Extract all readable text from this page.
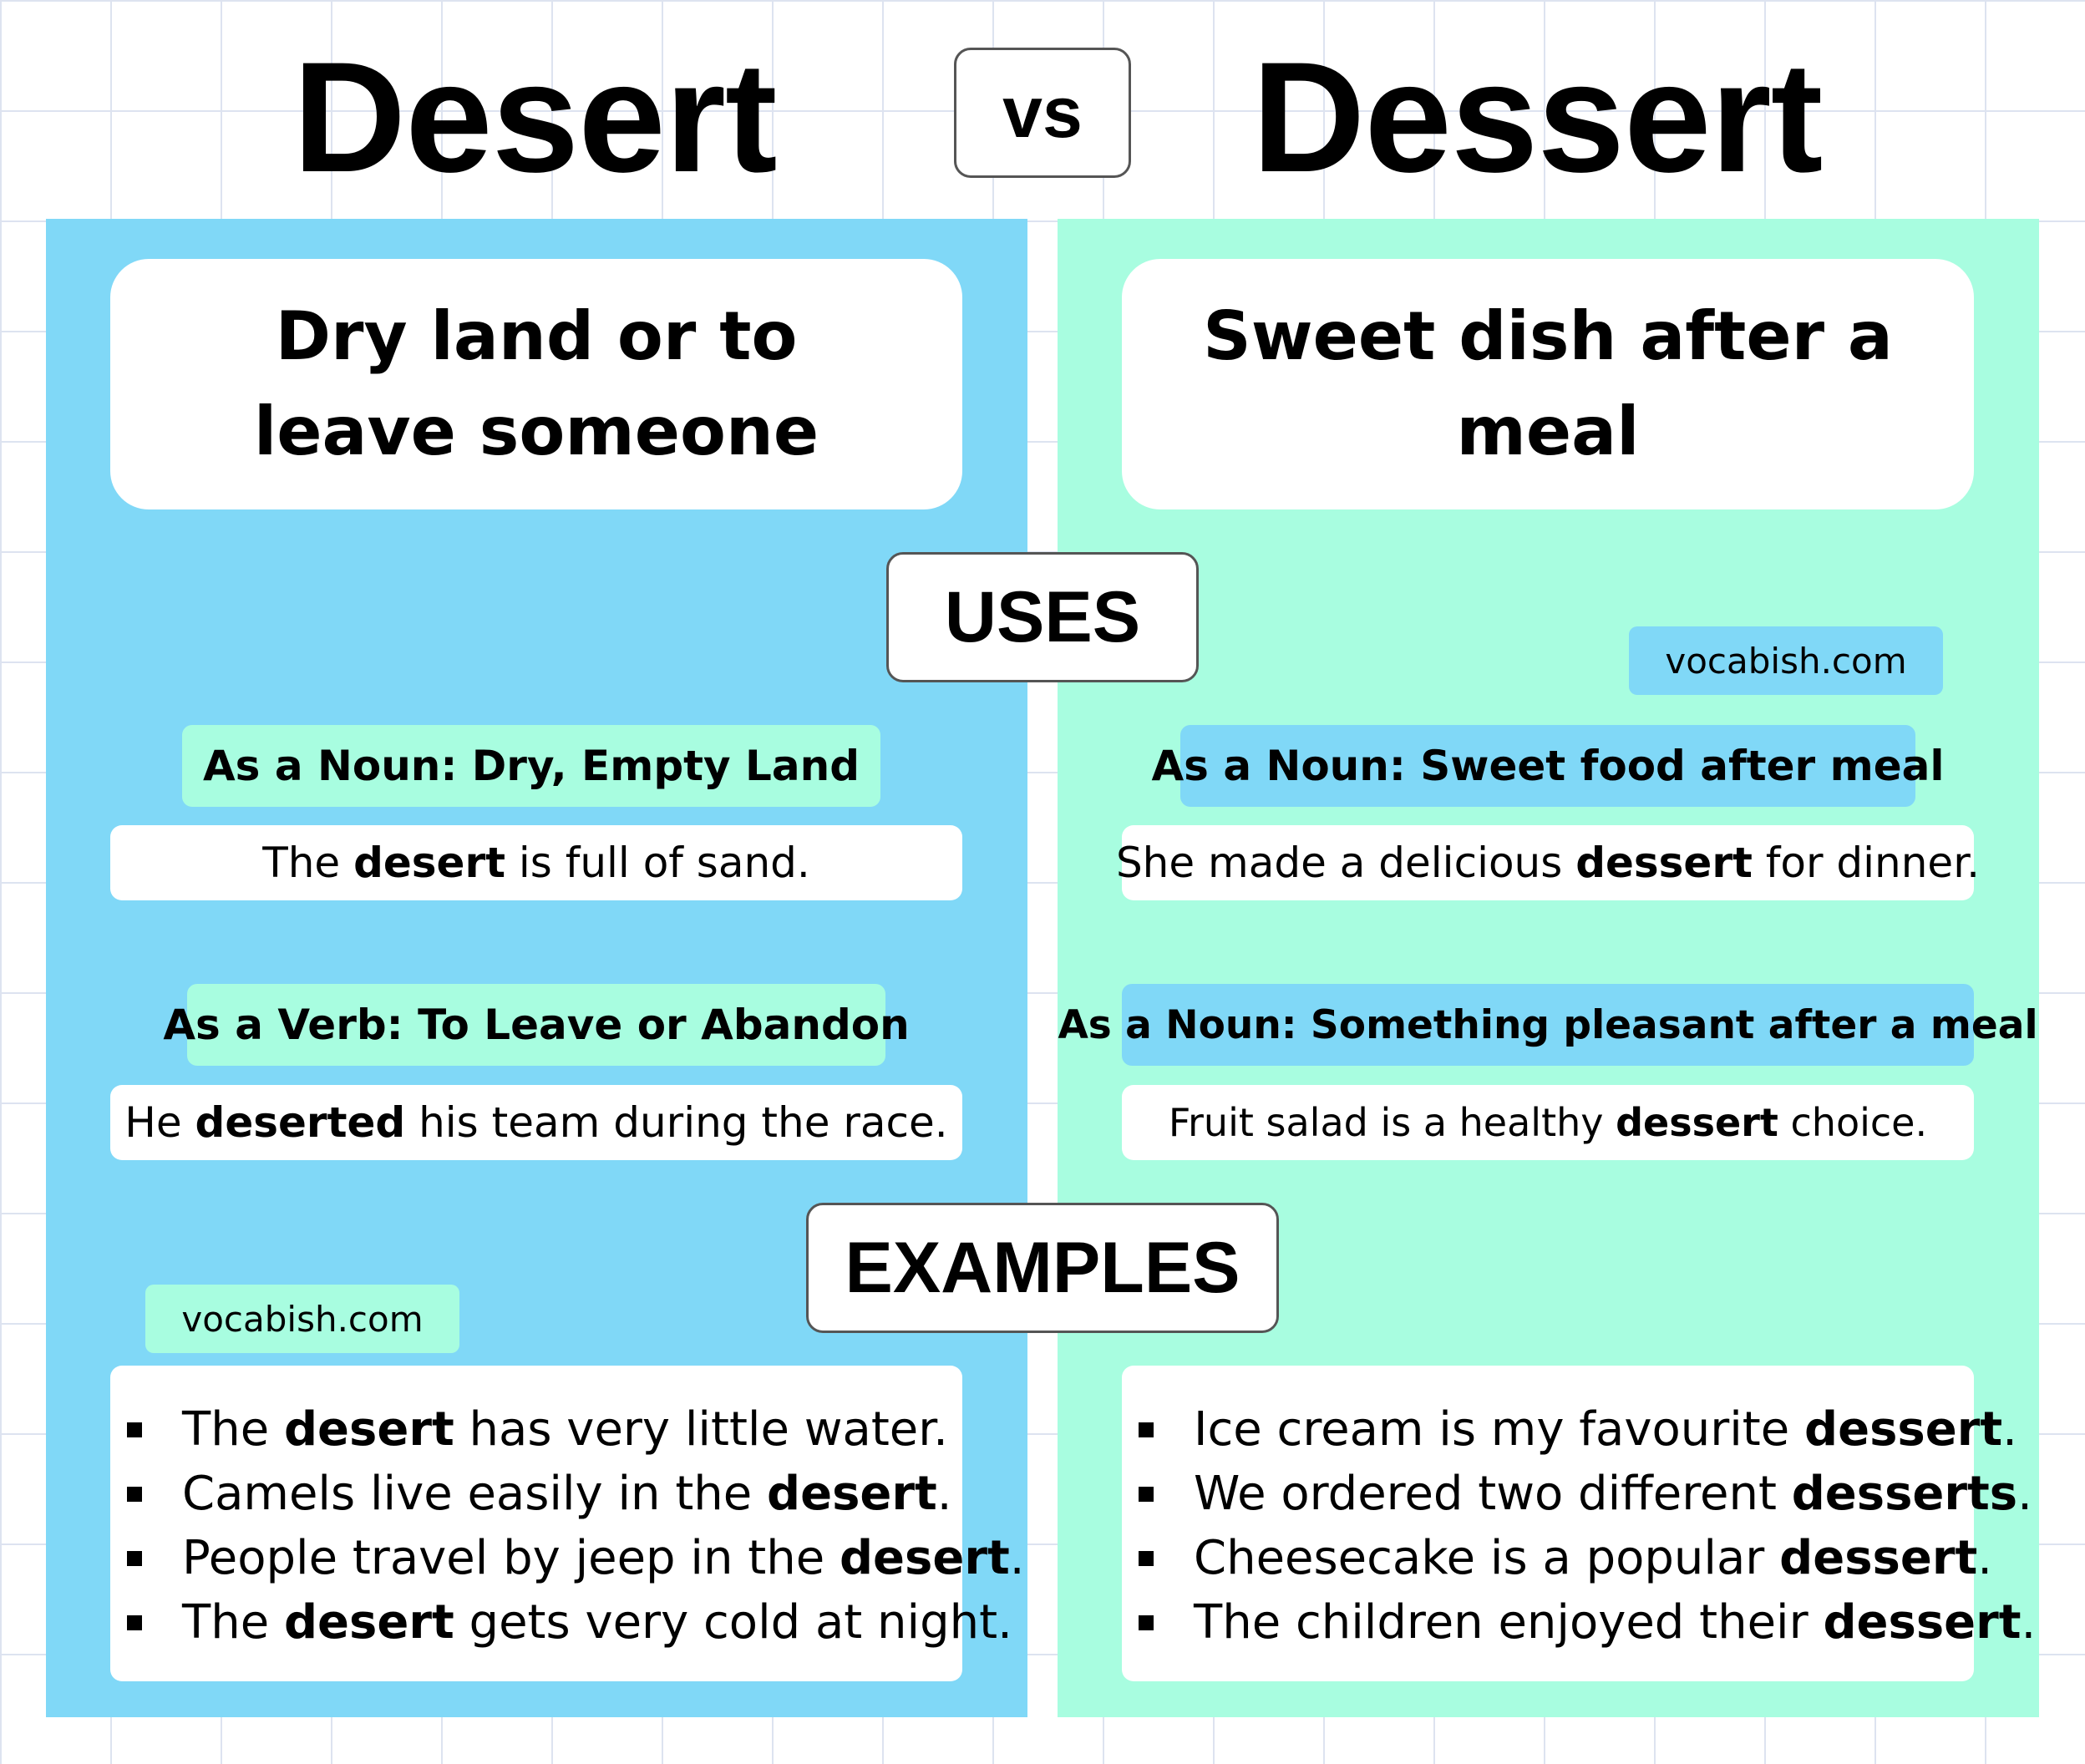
Desert	vs	Dessert
Dry land or to leave someone
Sweet dish after a meal
USES
vocabish.com
As a Noun: Dry, Empty Land
The desert is full of sand.
As a Verb: To Leave or Abandon
He deserted his team during the race.
As a Noun: Sweet food after meal
She made a delicious dessert for dinner.
As a Noun: Something pleasant after a meal
Fruit salad is a healthy dessert choice.
EXAMPLES
vocabish.com
The desert has very little water.
Camels live easily in the desert.
People travel by jeep in the desert.
The desert gets very cold at night.
Ice cream is my favourite dessert.
We ordered two different desserts.
Cheesecake is a popular dessert.
The children enjoyed their dessert.
